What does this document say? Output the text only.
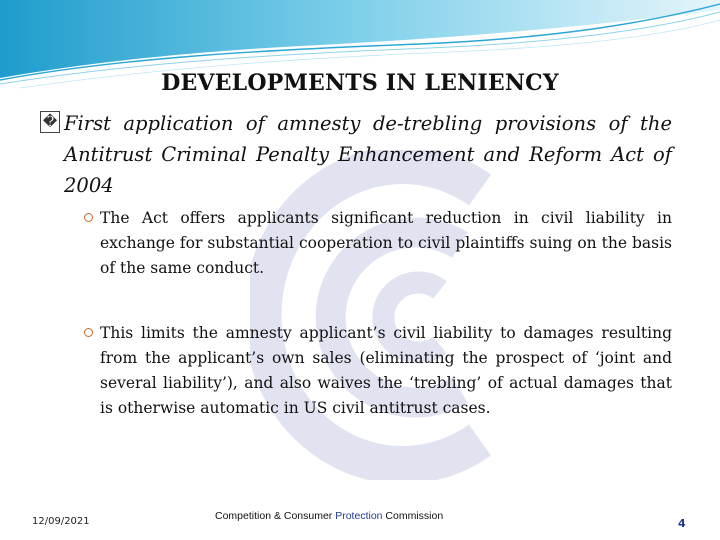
DEVELOPMENTS IN LENIENCY
� First application of amnesty de-trebling provisions of the Antitrust Criminal Penalty Enhancement and Reform Act of 2004
The Act offers applicants significant reduction in civil liability in exchange for substantial cooperation to civil plaintiffs suing on the basis of the same conduct.
This limits the amnesty applicant’s civil liability to damages resulting from the applicant’s own sales (eliminating the prospect of ‘joint and several liability’), and also waives the ‘trebling’ of actual damages that is otherwise automatic in US civil antitrust cases.
12/09/2021	Competition & Consumer Protection Commission
4
